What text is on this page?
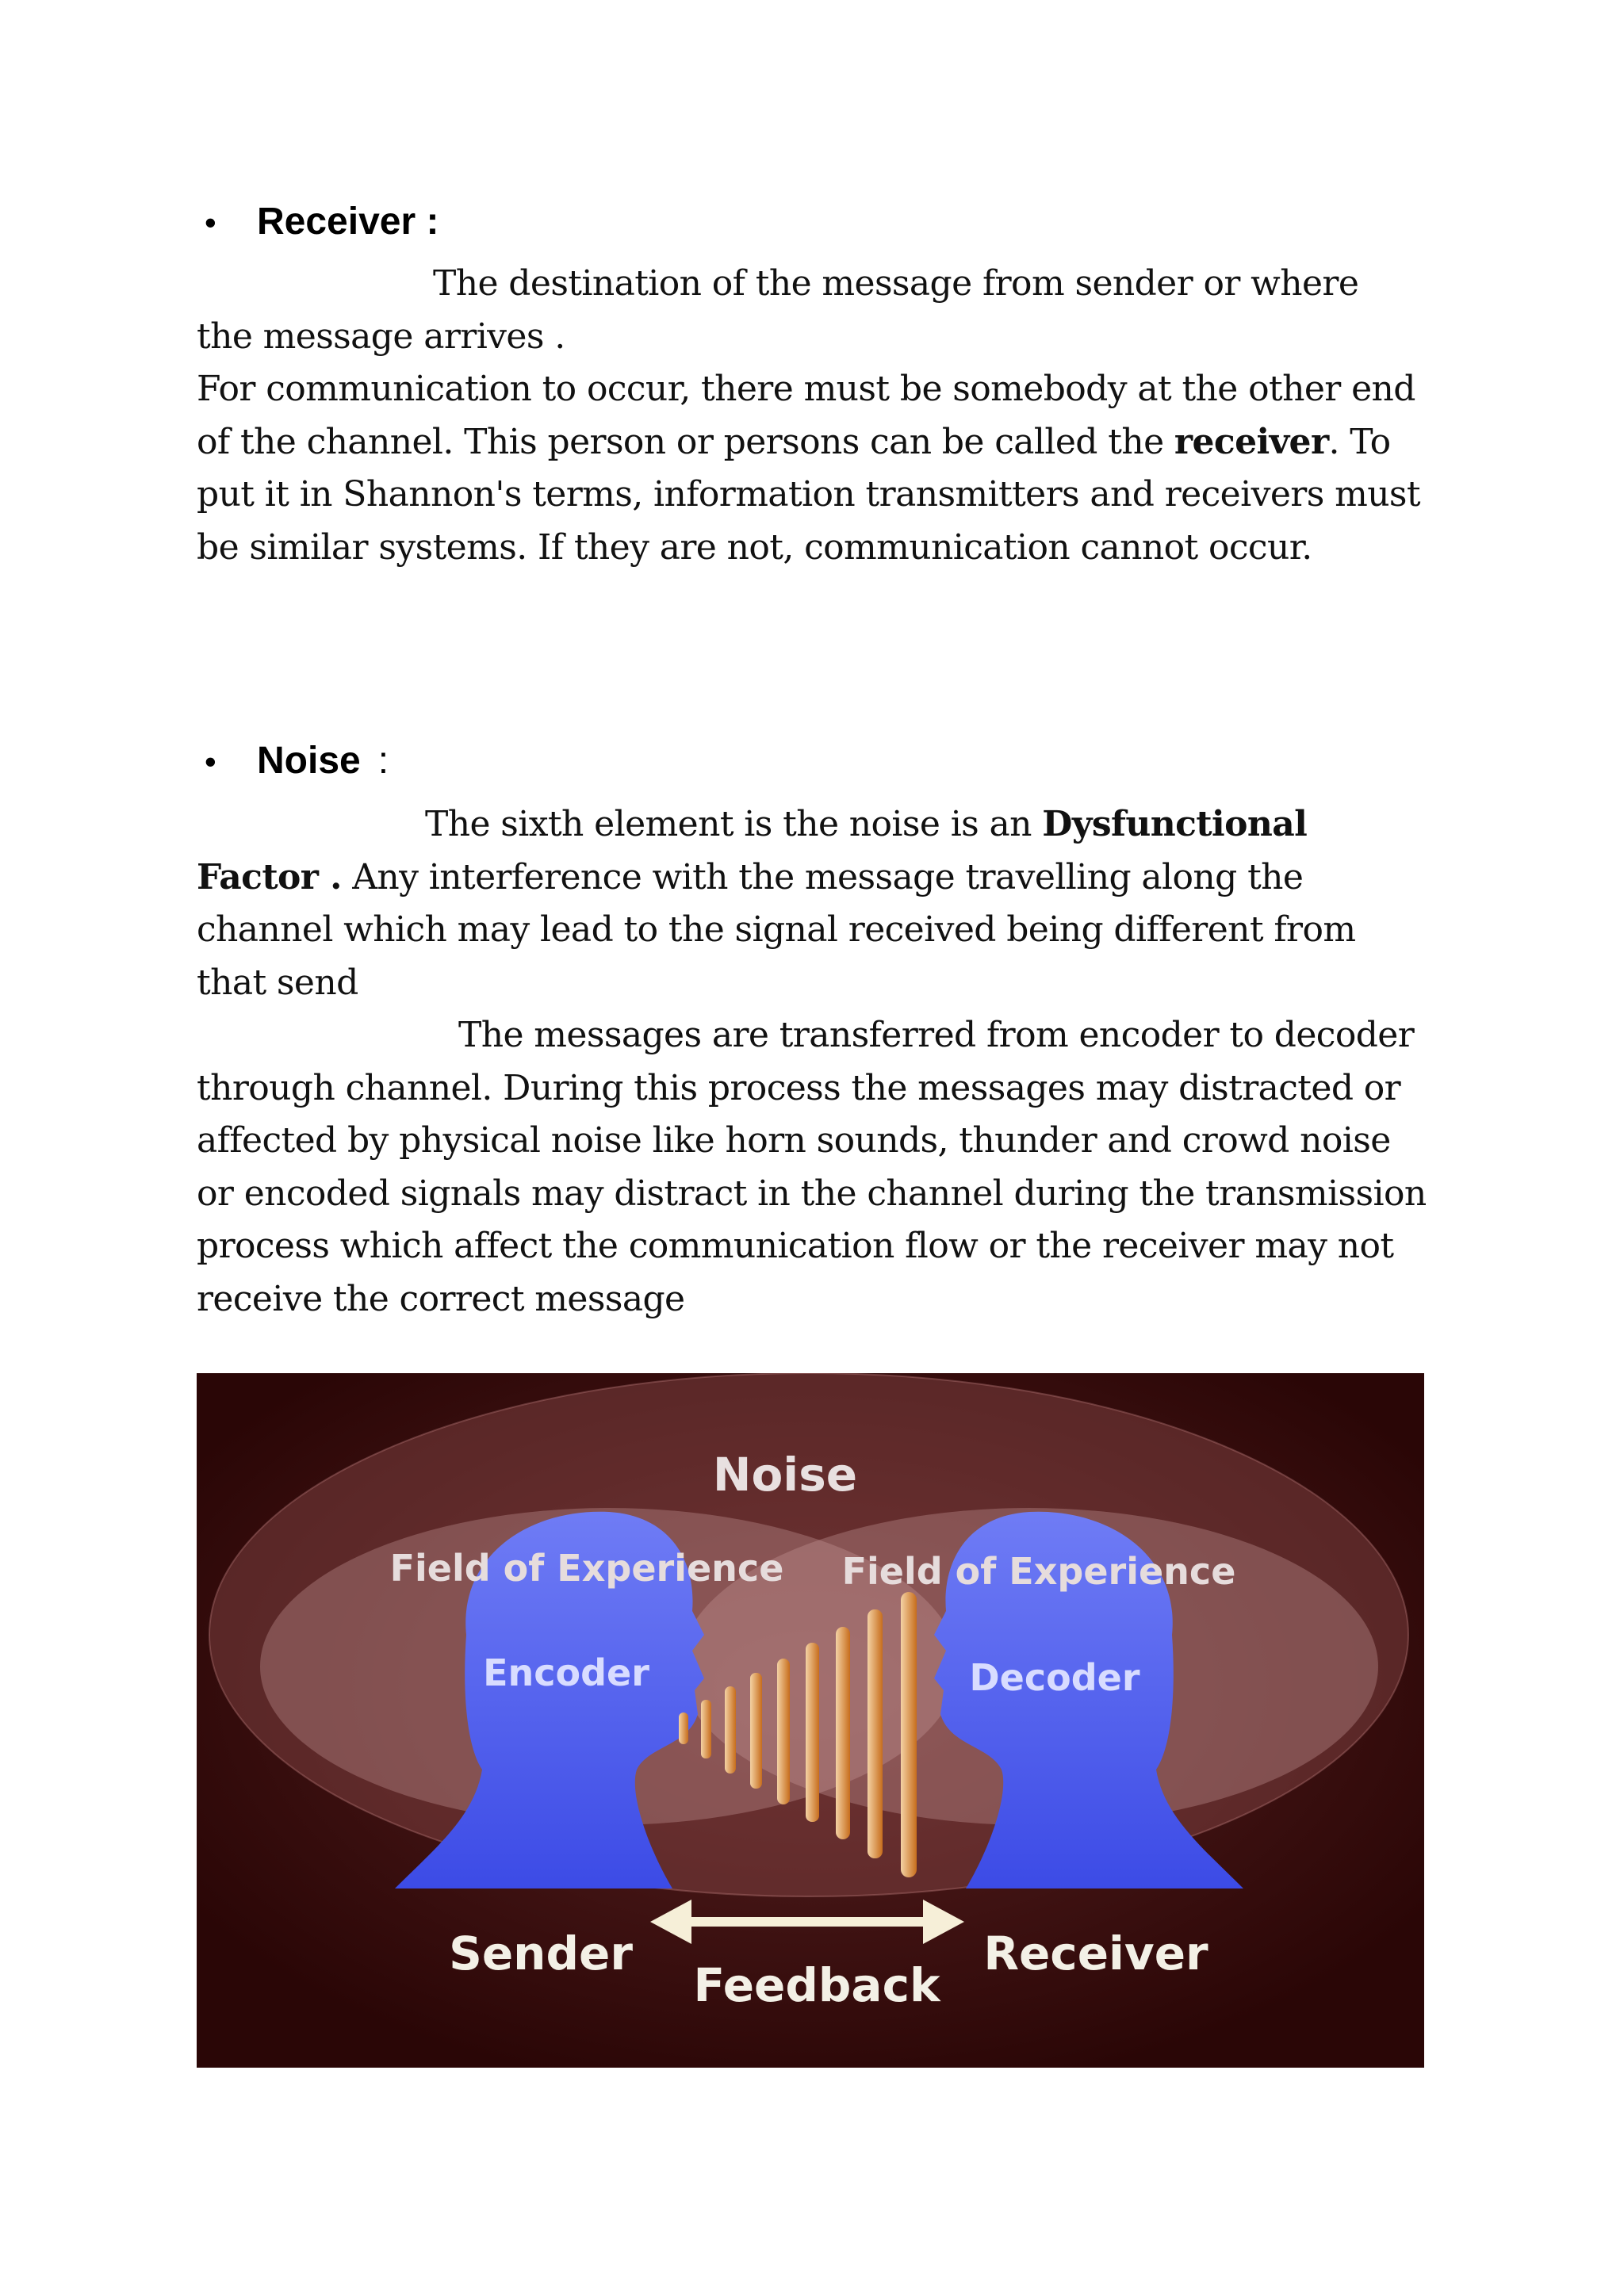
•	Receiver :

The destination of the message from sender or where

the message arrives .

For communication to occur, there must be somebody at the other end of the channel. This person or persons can be called the receiver. To put it in Shannon's terms, information transmitters and receivers must be similar systems. If they are not, communication cannot occur.

•	Noise :

The sixth element is the noise is an Dysfunctional Factor . Any interference with the message travelling along the channel which may lead to the signal received being different from that send

The messages are transferred from encoder to decoder

through channel. During this process the messages may distracted or affected by physical noise like horn sounds, thunder and crowd noise or encoded signals may distract in the channel during the transmission process which affect the communication flow or the receiver may not receive the correct message

Noise
Field of Experience Field of Experience
Encoder	Decoder
Sender	Receiver
Feedback
